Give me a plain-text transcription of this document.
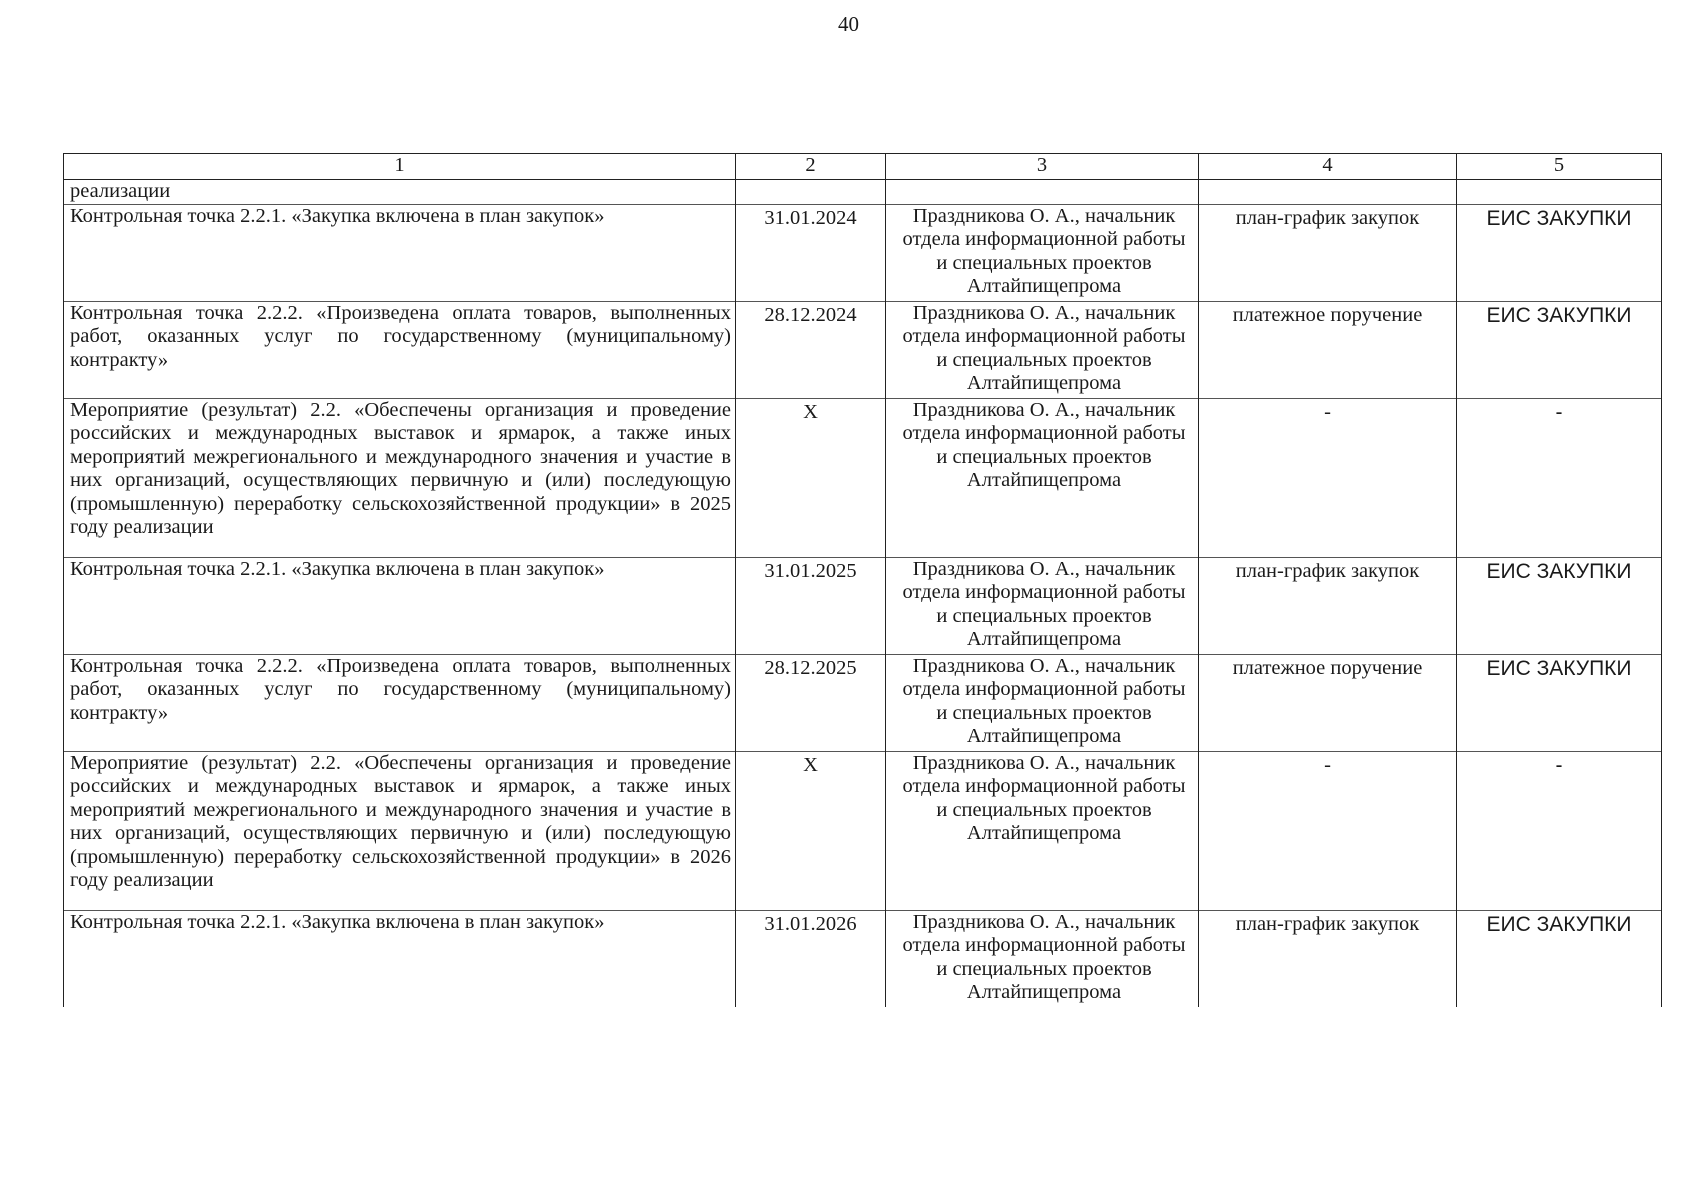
40
1	2	3	4	5
реализации				
Контрольная точка 2.2.1. «Закупка включена в план закупок»	31.01.2024	Праздникова О. А., начальник отдела информационной работы и специальных проектов Алтайпищепрома	план-график закупок	ЕИС ЗАКУПКИ
Контрольная точка 2.2.2. «Произведена оплата товаров, выполненных работ, оказанных услуг по государственному (муниципальному) контракту»	28.12.2024	Праздникова О. А., начальник отдела информационной работы и специальных проектов Алтайпищепрома	платежное поручение	ЕИС ЗАКУПКИ
Мероприятие (результат) 2.2. «Обеспечены организация и проведение российских и международных выставок и ярмарок, а также иных мероприятий межрегионального и международного значения и участие в них организаций, осуществляющих первичную и (или) последующую (промышленную) переработку сельскохозяйственной продукции» в 2025 году реализации	Х	Праздникова О. А., начальник отдела информационной работы и специальных проектов Алтайпищепрома	-	-
Контрольная точка 2.2.1. «Закупка включена в план закупок»	31.01.2025	Праздникова О. А., начальник отдела информационной работы и специальных проектов Алтайпищепрома	план-график закупок	ЕИС ЗАКУПКИ
Контрольная точка 2.2.2. «Произведена оплата товаров, выполненных работ, оказанных услуг по государственному (муниципальному) контракту»	28.12.2025	Праздникова О. А., начальник отдела информационной работы и специальных проектов Алтайпищепрома	платежное поручение	ЕИС ЗАКУПКИ
Мероприятие (результат) 2.2. «Обеспечены организация и проведение российских и международных выставок и ярмарок, а также иных мероприятий межрегионального и международного значения и участие в них организаций, осуществляющих первичную и (или) последующую (промышленную) переработку сельскохозяйственной продукции» в 2026 году реализации	Х	Праздникова О. А., начальник отдела информационной работы и специальных проектов Алтайпищепрома	-	-
Контрольная точка 2.2.1. «Закупка включена в план закупок»	31.01.2026	Праздникова О. А., начальник отдела информационной работы и специальных проектов Алтайпищепрома	план-график закупок	ЕИС ЗАКУПКИ
